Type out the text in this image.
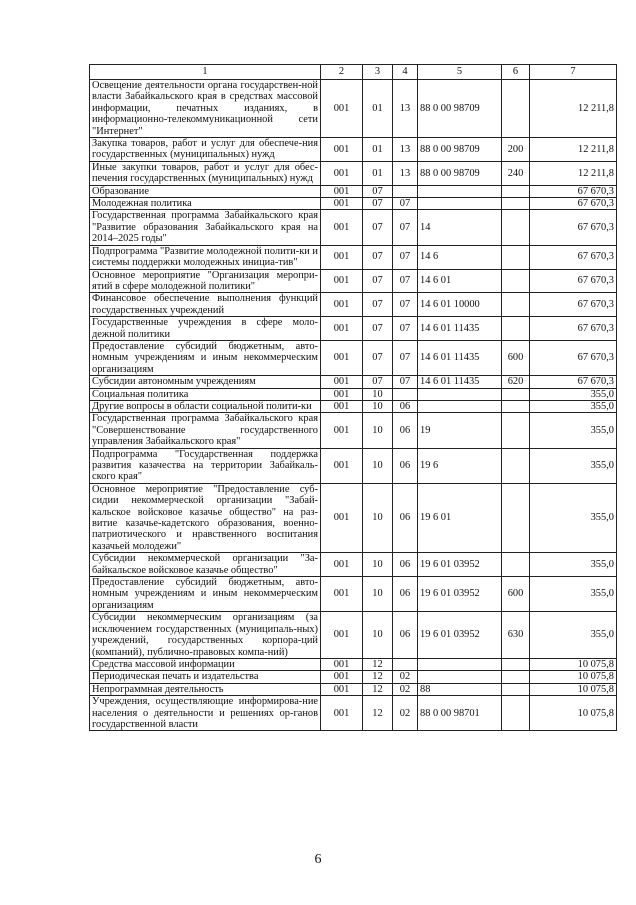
1	2	3	4	5	6	7
Освещение деятельности органа государствен-ной власти Забайкальского края в средствах массовой информации, печатных изданиях, в информационно-телекоммуникационной сети "Интернет"	001	01	13	88 0 00 98709		12 211,8
Закупка товаров, работ и услуг для обеспече-ния государственных (муниципальных) нужд	001	01	13	88 0 00 98709	200	12 211,8
Иные закупки товаров, работ и услуг для обес-печения государственных (муниципальных) нужд	001	01	13	88 0 00 98709	240	12 211,8
Образование	001	07				67 670,3
Молодежная политика	001	07	07			67 670,3
Государственная программа Забайкальского края "Развитие образования Забайкальского края на 2014–2025 годы"	001	07	07	14		67 670,3
Подпрограмма "Развитие молодежной полити-ки и системы поддержки молодежных инициа-тив"	001	07	07	14 6		67 670,3
Основное мероприятие "Организация меропри-ятий в сфере молодежной политики"	001	07	07	14 6 01		67 670,3
Финансовое обеспечение выполнения функций государственных учреждений	001	07	07	14 6 01 10000		67 670,3
Государственные учреждения в сфере моло-дежной политики	001	07	07	14 6 01 11435		67 670,3
Предоставление субсидий бюджетным, авто-номным учреждениям и иным некоммерческим организациям	001	07	07	14 6 01 11435	600	67 670,3
Субсидии автономным учреждениям	001	07	07	14 6 01 11435	620	67 670,3
Социальная политика	001	10				355,0
Другие вопросы в области социальной полити-ки	001	10	06			355,0
Государственная программа Забайкальского края "Совершенствование государственного управления Забайкальского края"	001	10	06	19		355,0
Подпрограмма "Государственная поддержка развития казачества на территории Забайкаль-ского края"	001	10	06	19 6		355,0
Основное мероприятие "Предоставление суб-сидии некоммерческой организации "Забай-кальское войсковое казачье общество" на раз-витие казачье-кадетского образования, военно-патриотического и нравственного воспитания казачьей молодежи"	001	10	06	19 6 01		355,0
Субсидии некоммерческой организации "За-байкальское войсковое казачье общество"	001	10	06	19 6 01 03952		355,0
Предоставление субсидий бюджетным, авто-номным учреждениям и иным некоммерческим организациям	001	10	06	19 6 01 03952	600	355,0
Субсидии некоммерческим организациям (за исключением государственных (муниципаль-ных) учреждений, государственных корпора-ций (компаний), публично-правовых компа-ний)	001	10	06	19 6 01 03952	630	355,0
Средства массовой информации	001	12				10 075,8
Периодическая печать и издательства	001	12	02			10 075,8
Непрограммная деятельность	001	12	02	88		10 075,8
Учреждения, осуществляющие информирова-ние населения о деятельности и решениях ор-ганов государственной власти	001	12	02	88 0 00 98701		10 075,8
6
